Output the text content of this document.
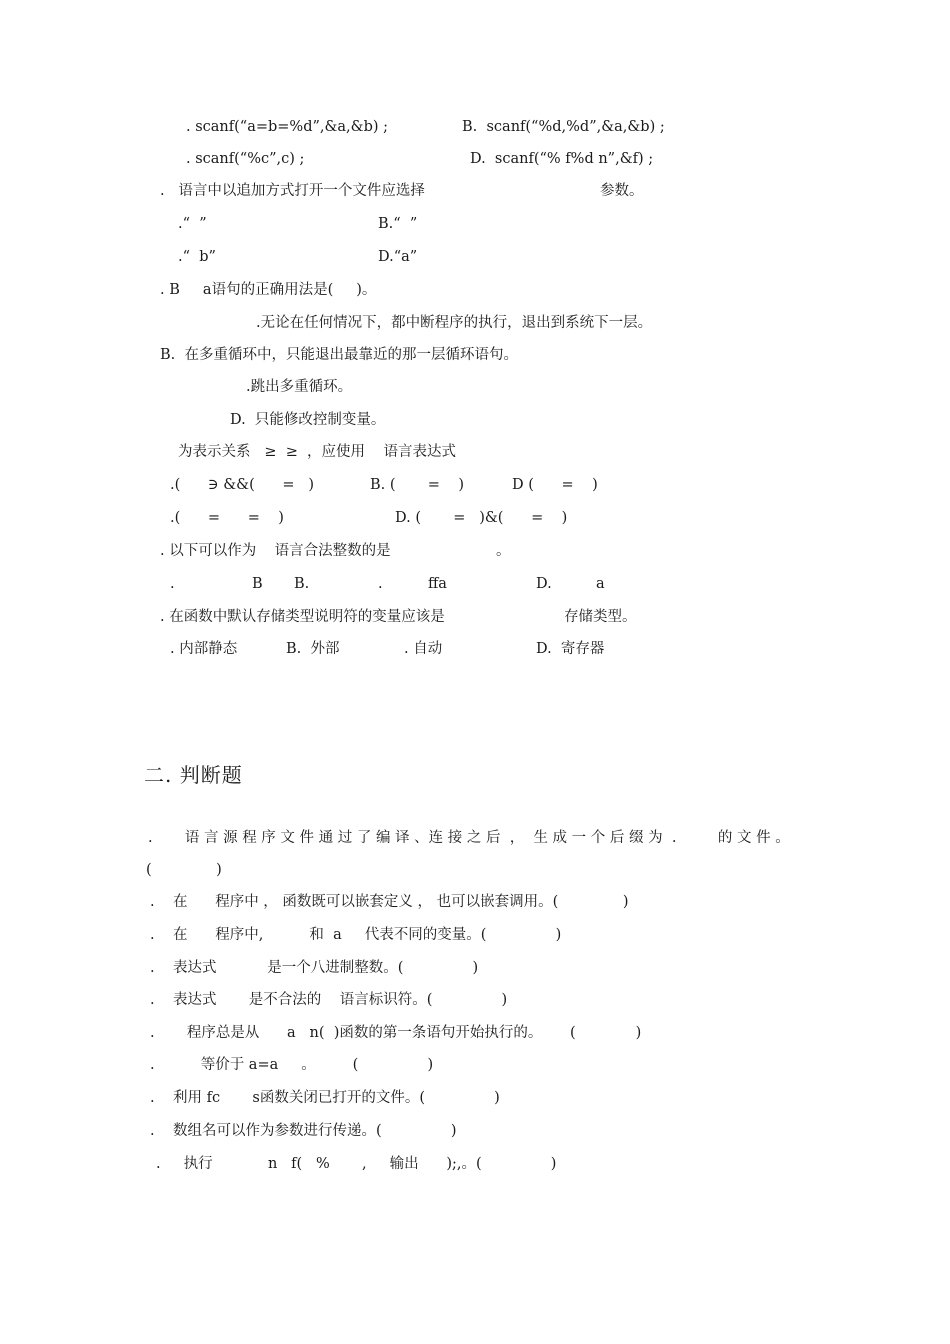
. scanf(“a=b=%d”,&a,&b) ;	B.  scanf(“%d,%d”,&a,&b) ;
. scanf(“%c”,c) ;	D.  scanf(“% f%d n”,&f) ;
.   语言中以追加方式打开一个文件应选择	参数。
.“  ”	B.“  ”
.“  b”	D.“a”
. B     a语句的正确用法是(     )。
.无论在任何情况下，都中断程序的执行，退出到系统下一层。
B.  在多重循环中，只能退出最靠近的那一层循环语句。
.跳出多重循环。
D.  只能修改控制变量。
为表示关系   ≥  ≥  ，应使用    语言表达式
.(      ∋ &&(      =   )	B. (       =    )	D (      =    )
.(      =      =    )	D. (       =   )&(      =    )
. 以下可以作为    语言合法整数的是	。
.	B B.	.	ffa	D.	a
. 在函数中默认存储类型说明符的变量应该是	存储类型。
. 内部静态	B.  外部	. 自动	D.  寄存器
二. 判断题
.       语 言 源 程 序 文 件 通 过 了 编 译 、连 接 之 后  ，  生 成 一 个 后 缀 为  .         的 文 件 。
(              )
.    在      程序中 ， 函数既可以嵌套定义 ， 也可以嵌套调用。(              )
.    在      程序中,          和  a     代表不同的变量。(               )
.    表达式           是一个八进制整数。(               )
.    表达式       是不合法的    语言标识符。(               )
.       程序总是从      a   n(  )函数的第一条语句开始执行的。      (             )
.          等价于 a=a     。        (               )
.    利用 fc       s函数关闭已打开的文件。(               )
.    数组名可以作为参数进行传递。(               )
.     执行            n   f(   %       ,     输出      );,。(               )
